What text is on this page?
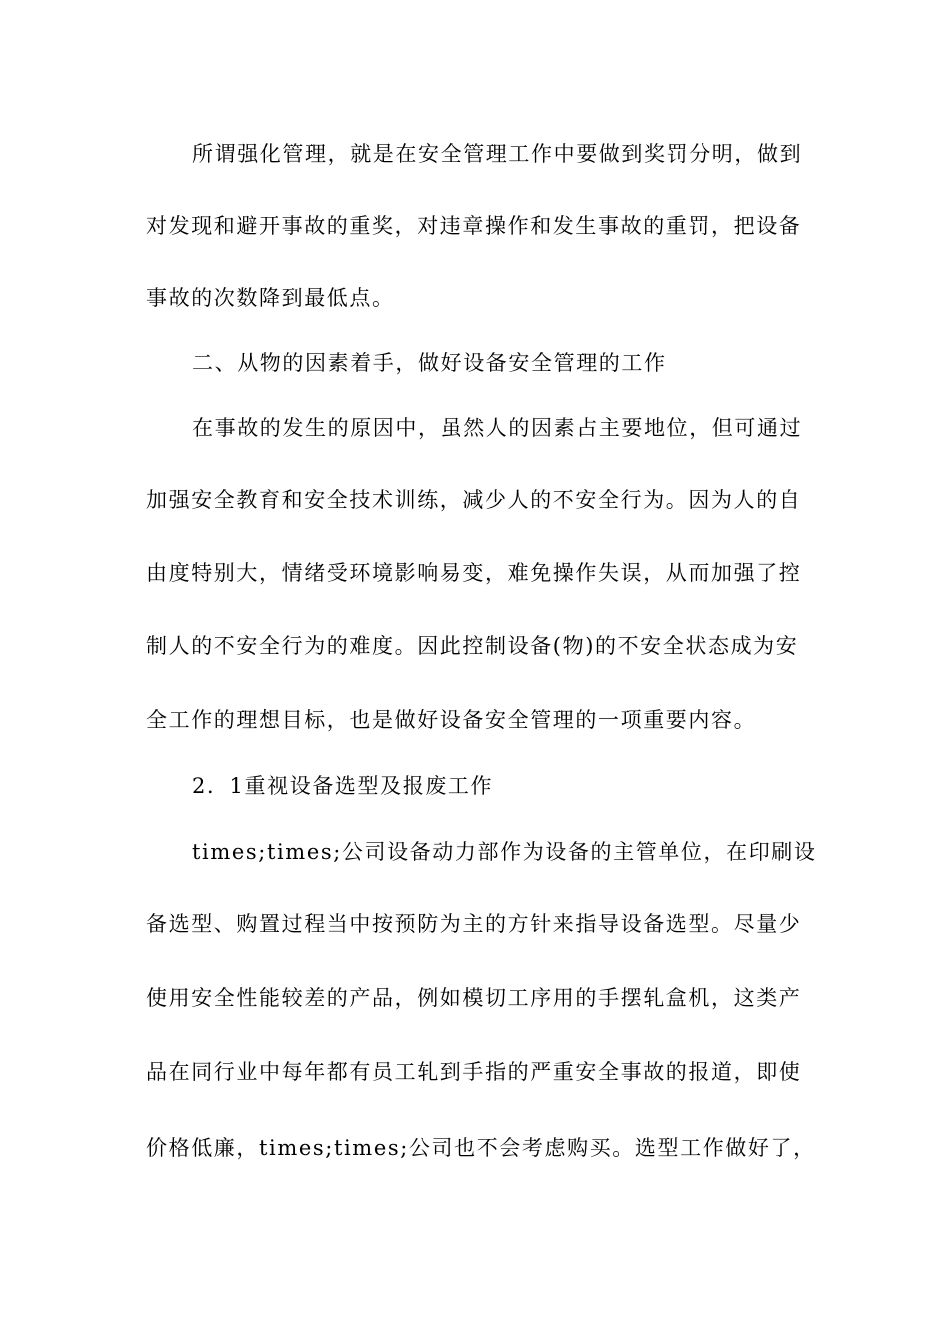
所谓强化管理，就是在安全管理工作中要做到奖罚分明，做到
对发现和避开事故的重奖，对违章操作和发生事故的重罚，把设备
事故的次数降到最低点。
二、从物的因素着手，做好设备安全管理的工作
在事故的发生的原因中，虽然人的因素占主要地位，但可通过
加强安全教育和安全技术训练，减少人的不安全行为。因为人的自
由度特别大，情绪受环境影响易变，难免操作失误，从而加强了控
制人的不安全行为的难度。因此控制设备(物)的不安全状态成为安
全工作的理想目标，也是做好设备安全管理的一项重要内容。
2．1重视设备选型及报废工作
times;times;公司设备动力部作为设备的主管单位，在印刷设
备选型、购置过程当中按预防为主的方针来指导设备选型。尽量少
使用安全性能较差的产品，例如模切工序用的手摆轧盒机，这类产
品在同行业中每年都有员工轧到手指的严重安全事故的报道，即使
价格低廉，times;times;公司也不会考虑购买。选型工作做好了，
